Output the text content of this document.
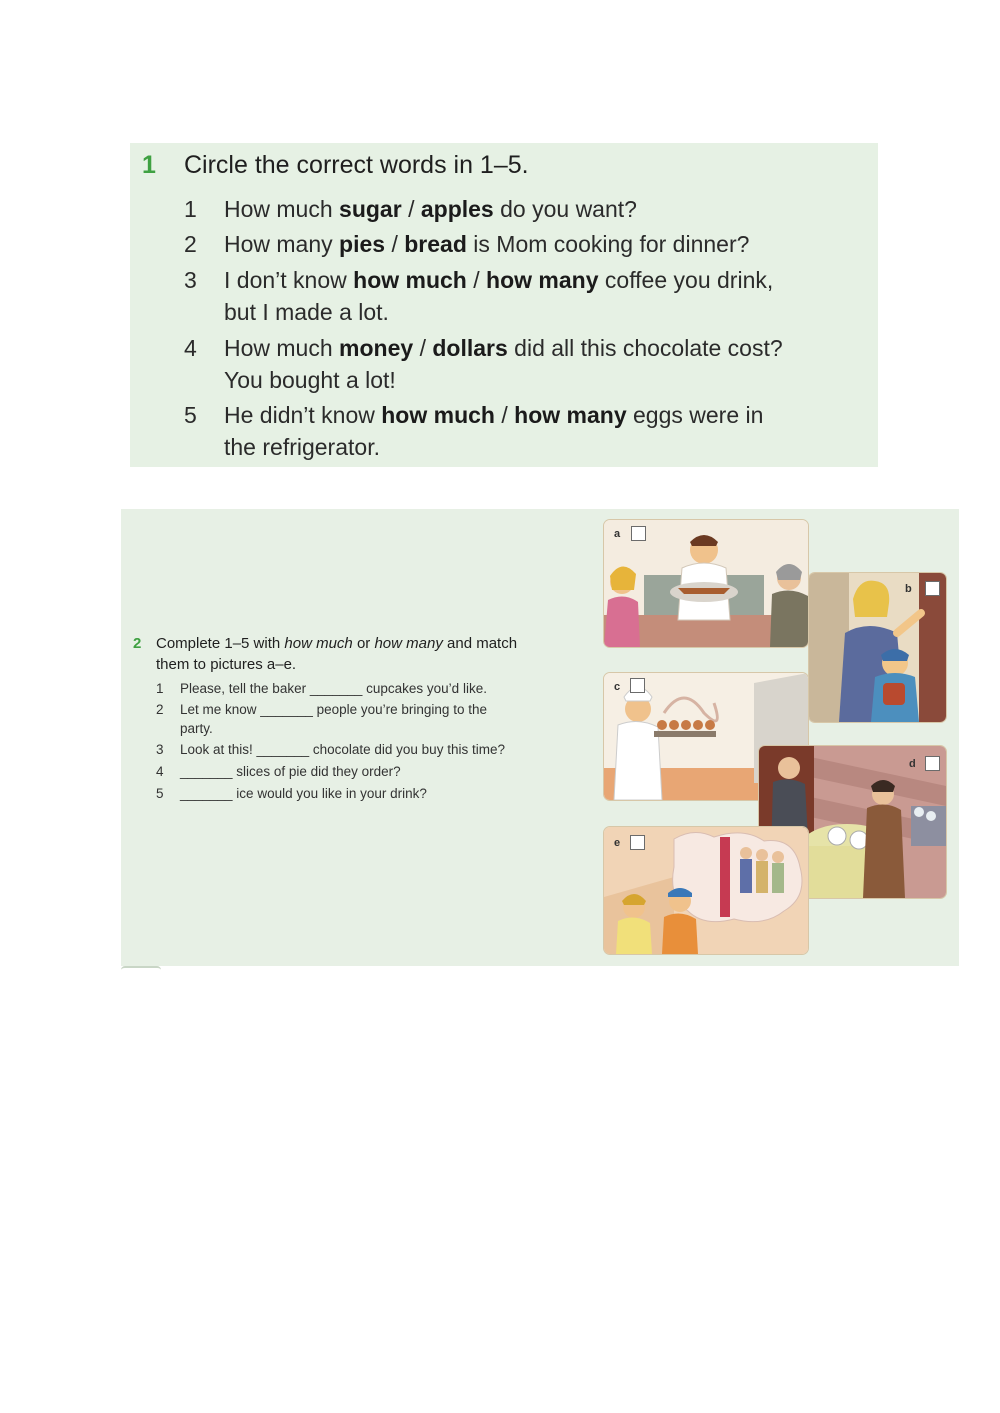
1 Circle the correct words in 1–5.
1 How much sugar / apples do you want?
2 How many pies / bread is Mom cooking for dinner?
3 I don’t know how much / how many coffee you drink,
but I made a lot.
4 How much money / dollars did all this chocolate cost?
You bought a lot!
5 He didn’t know how much / how many eggs were in
the refrigerator.
2 Complete 1–5 with how much or how many and match
them to pictures a–e.
1 Please, tell the baker _______ cupcakes you’d like.
2 Let me know _______ people you’re bringing to the
party.
3 Look at this! _______ chocolate did you buy this time?
4 _______ slices of pie did they order?
5 _______ ice would you like in your drink?
b
a
c
d
e
